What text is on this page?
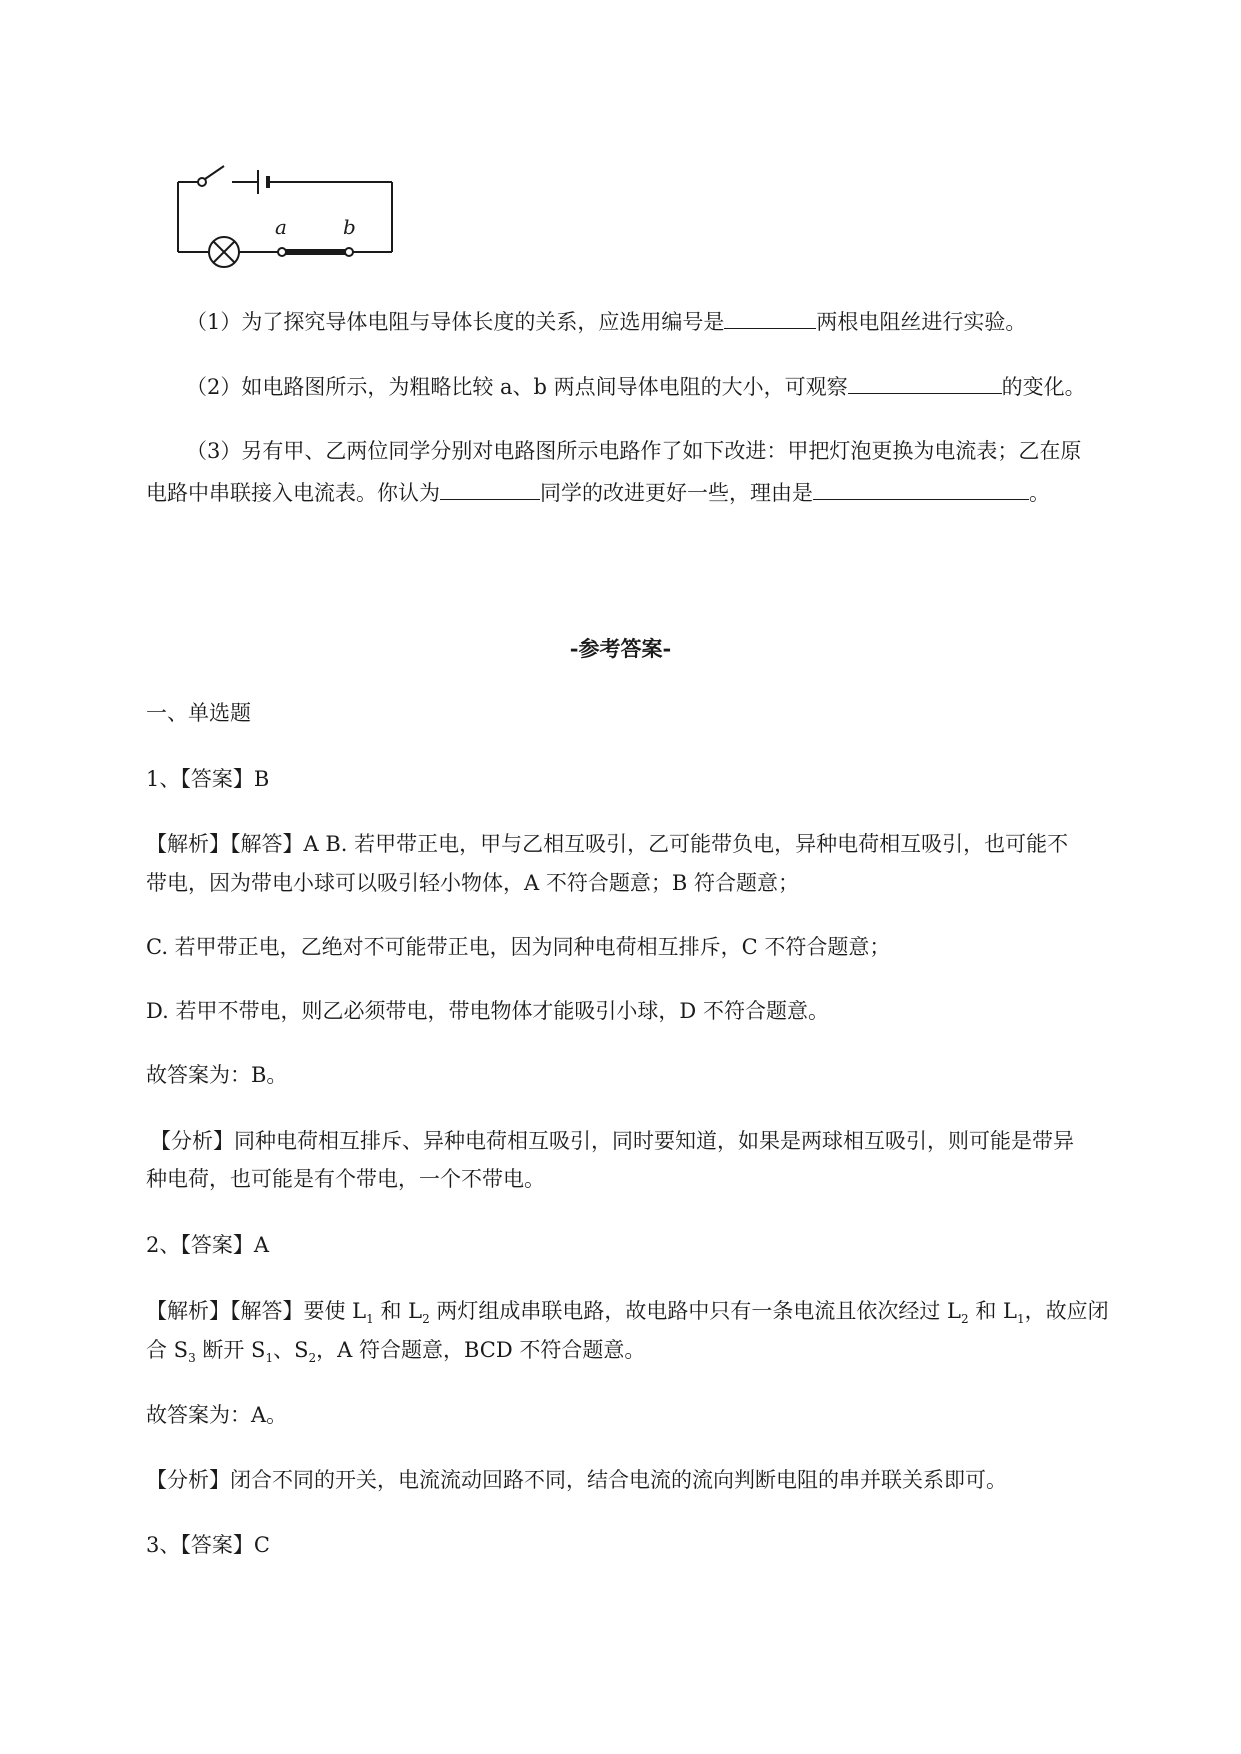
a	b
（1）为了探究导体电阻与导体长度的关系，应选用编号是	两根电阻丝进行实验。
（2）如电路图所示，为粗略比较 a、b 两点间导体电阻的大小，可观察	的变化。
（3）另有甲、乙两位同学分别对电路图所示电路作了如下改进：甲把灯泡更换为电流表；乙在原
电路中串联接入电流表。你认为	同学的改进更好一些，理由是	。
-参考答案-
一、单选题
1、【答案】B
【解析】【解答】A B. 若甲带正电，甲与乙相互吸引，乙可能带负电，异种电荷相互吸引，也可能不
带电，因为带电小球可以吸引轻小物体，A 不符合题意；B 符合题意；
C. 若甲带正电，乙绝对不可能带正电，因为同种电荷相互排斥，C 不符合题意；
D. 若甲不带电，则乙必须带电，带电物体才能吸引小球，D 不符合题意。
故答案为：B。
【分析】同种电荷相互排斥、异种电荷相互吸引，同时要知道，如果是两球相互吸引，则可能是带异
种电荷，也可能是有个带电，一个不带电。
2、【答案】A
【解析】【解答】要使 $L_1$ 和 $L_2$ 两灯组成串联电路，故电路中只有一条电流且依次经过 $L_2$ 和 $L_1$，故应闭
合 $S_3$ 断开 $S_1$、$S_2$，A 符合题意，BCD 不符合题意。
故答案为：A。
【分析】闭合不同的开关，电流流动回路不同，结合电流的流向判断电阻的串并联关系即可。
3、【答案】C
